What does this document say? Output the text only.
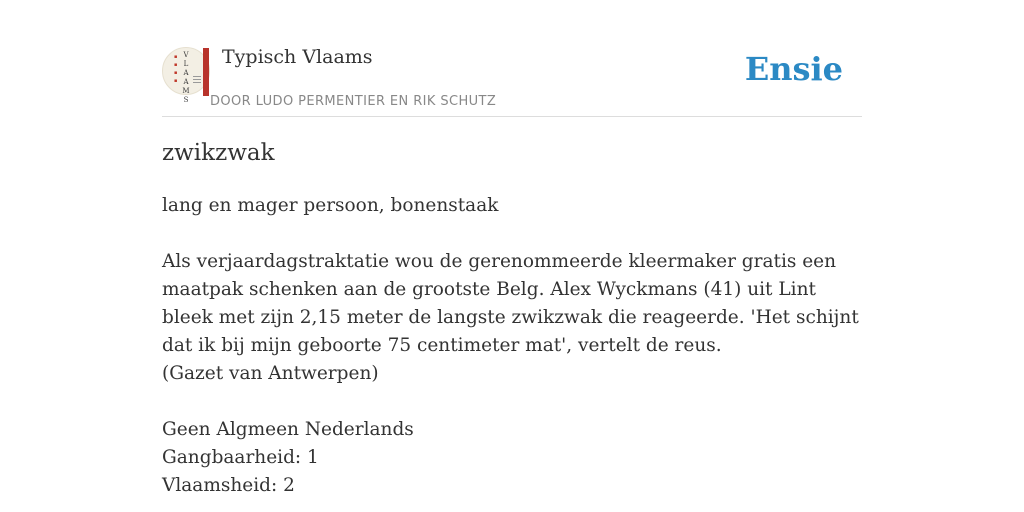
▪
▪
▪
▪
V
L
A
A
M
S
Typisch Vlaams
DOOR LUDO PERMENTIER EN RIK SCHUTZ
Ensie
zwikzwak

lang en mager persoon, bonenstaak

Als verjaardagstraktatie wou de gerenommeerde kleermaker gratis een maatpak schenken aan de grootste Belg. Alex Wyckmans (41) uit Lint bleek met zijn 2,15 meter de langste zwikzwak die reageerde. 'Het schijnt dat ik bij mijn geboorte 75 centimeter mat', vertelt de reus.

(Gazet van Antwerpen)

Geen Algmeen Nederlands

Gangbaarheid: 1

Vlaamsheid: 2
